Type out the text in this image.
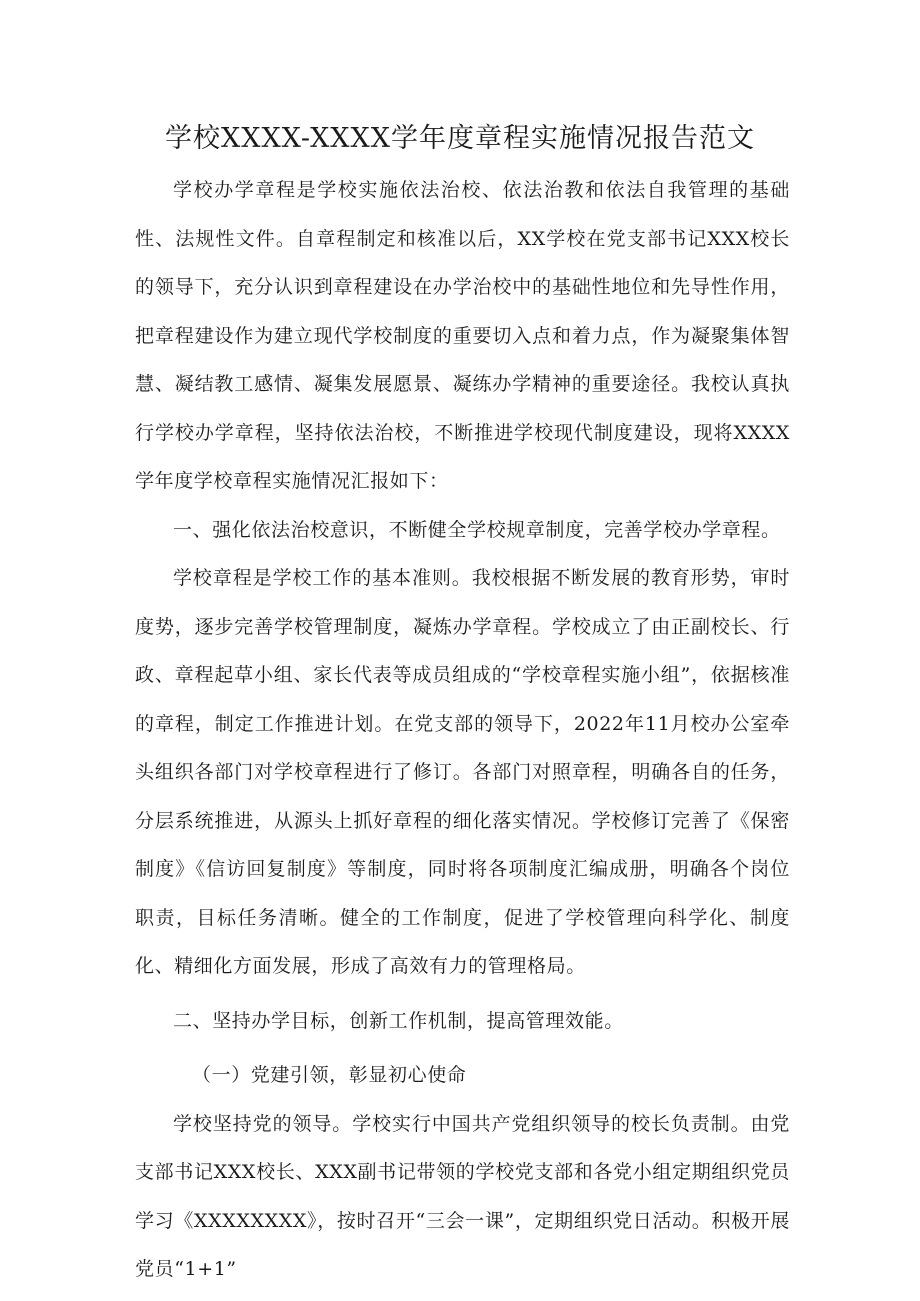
学校XXXX-XXXX学年度章程实施情况报告范文

学校办学章程是学校实施依法治校、依法治教和依法自我管理的基础性、法规性文件。自章程制定和核准以后，XX学校在党支部书记XXX校长的领导下，充分认识到章程建设在办学治校中的基础性地位和先导性作用，把章程建设作为建立现代学校制度的重要切入点和着力点，作为凝聚集体智慧、凝结教工感情、凝集发展愿景、凝练办学精神的重要途径。我校认真执行学校办学章程，坚持依法治校，不断推进学校现代制度建设，现将XXXX学年度学校章程实施情况汇报如下：

一、强化依法治校意识，不断健全学校规章制度，完善学校办学章程。

学校章程是学校工作的基本准则。我校根据不断发展的教育形势，审时度势，逐步完善学校管理制度，凝炼办学章程。学校成立了由正副校长、行政、章程起草小组、家长代表等成员组成的“学校章程实施小组”，依据核准的章程，制定工作推进计划。在党支部的领导下，2022年11月校办公室牵头组织各部门对学校章程进行了修订。各部门对照章程，明确各自的任务，分层系统推进，从源头上抓好章程的细化落实情况。学校修订完善了《保密制度》《信访回复制度》等制度，同时将各项制度汇编成册，明确各个岗位职责，目标任务清晰。健全的工作制度，促进了学校管理向科学化、制度化、精细化方面发展，形成了高效有力的管理格局。

二、坚持办学目标，创新工作机制，提高管理效能。

（一）党建引领，彰显初心使命

学校坚持党的领导。学校实行中国共产党组织领导的校长负责制。由党支部书记XXX校长、XXX副书记带领的学校党支部和各党小组定期组织党员学习《XXXXXXXX》，按时召开“三会一课”，定期组织党日活动。积极开展党员“1+1”
